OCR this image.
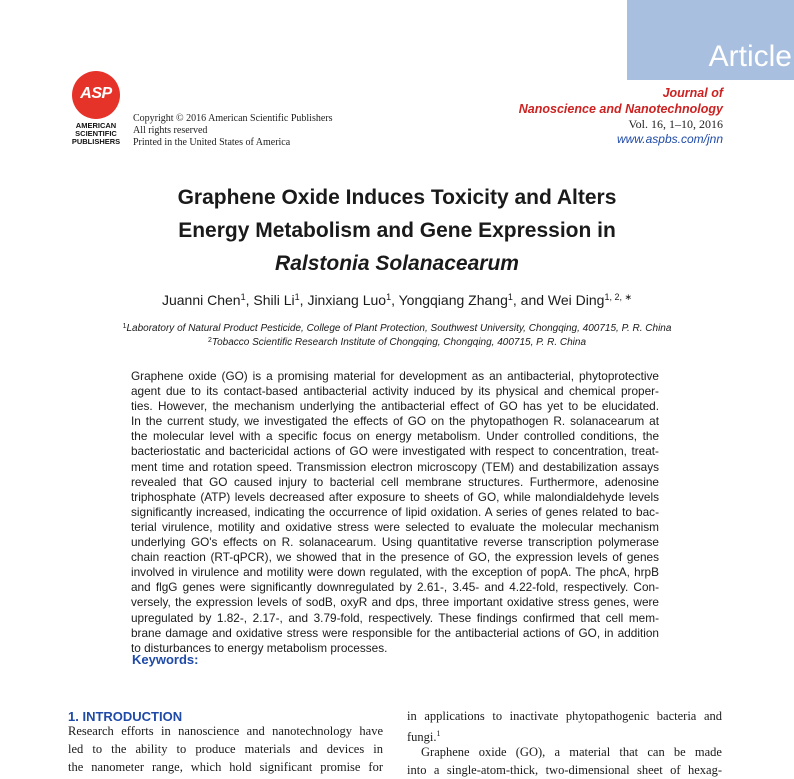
Article
ASP
AMERICAN
SCIENTIFIC
PUBLISHERS
Copyright © 2016 American Scientific Publishers
All rights reserved
Printed in the United States of America
Journal of
Nanoscience and Nanotechnology
Vol. 16, 1–10, 2016
www.aspbs.com/jnn
Graphene Oxide Induces Toxicity and Alters
Energy Metabolism and Gene Expression in
Ralstonia Solanacearum
Juanni Chen$^1$, Shili Li$^1$, Jinxiang Luo$^1$, Yongqiang Zhang$^1$, and Wei Ding$^{1, 2, ∗}$
$^1$Laboratory of Natural Product Pesticide, College of Plant Protection, Southwest University, Chongqing, 400715, P. R. China
$^2$Tobacco Scientific Research Institute of Chongqing, Chongqing, 400715, P. R. China
Graphene oxide (GO) is a promising material for development as an antibacterial, phytoprotective
agent due to its contact-based antibacterial activity induced by its physical and chemical proper-
ties. However, the mechanism underlying the antibacterial effect of GO has yet to be elucidated.
In the current study, we investigated the effects of GO on the phytopathogen R. solanacearum at
the molecular level with a specific focus on energy metabolism. Under controlled conditions, the
bacteriostatic and bactericidal actions of GO were investigated with respect to concentration, treat-
ment time and rotation speed. Transmission electron microscopy (TEM) and destabilization assays
revealed that GO caused injury to bacterial cell membrane structures. Furthermore, adenosine
triphosphate (ATP) levels decreased after exposure to sheets of GO, while malondialdehyde levels
significantly increased, indicating the occurrence of lipid oxidation. A series of genes related to bac-
terial virulence, motility and oxidative stress were selected to evaluate the molecular mechanism
underlying GO's effects on R. solanacearum. Using quantitative reverse transcription polymerase
chain reaction (RT-qPCR), we showed that in the presence of GO, the expression levels of genes
involved in virulence and motility were down regulated, with the exception of popA. The phcA, hrpB
and flgG genes were significantly downregulated by 2.61-, 3.45- and 4.22-fold, respectively. Con-
versely, the expression levels of sodB, oxyR and dps, three important oxidative stress genes, were
upregulated by 1.82-, 2.17-, and 3.79-fold, respectively. These findings confirmed that cell mem-
brane damage and oxidative stress were responsible for the antibacterial actions of GO, in addition
to disturbances to energy metabolism processes.
Keywords:
1. INTRODUCTION
Research efforts in nanoscience and nanotechnology have
led to the ability to produce materials and devices in
the nanometer range, which hold significant promise for
in applications to inactivate phytopathogenic bacteria and
fungi.$^1$
Graphene oxide (GO), a material that can be made
into a single-atom-thick, two-dimensional sheet of hexag-
